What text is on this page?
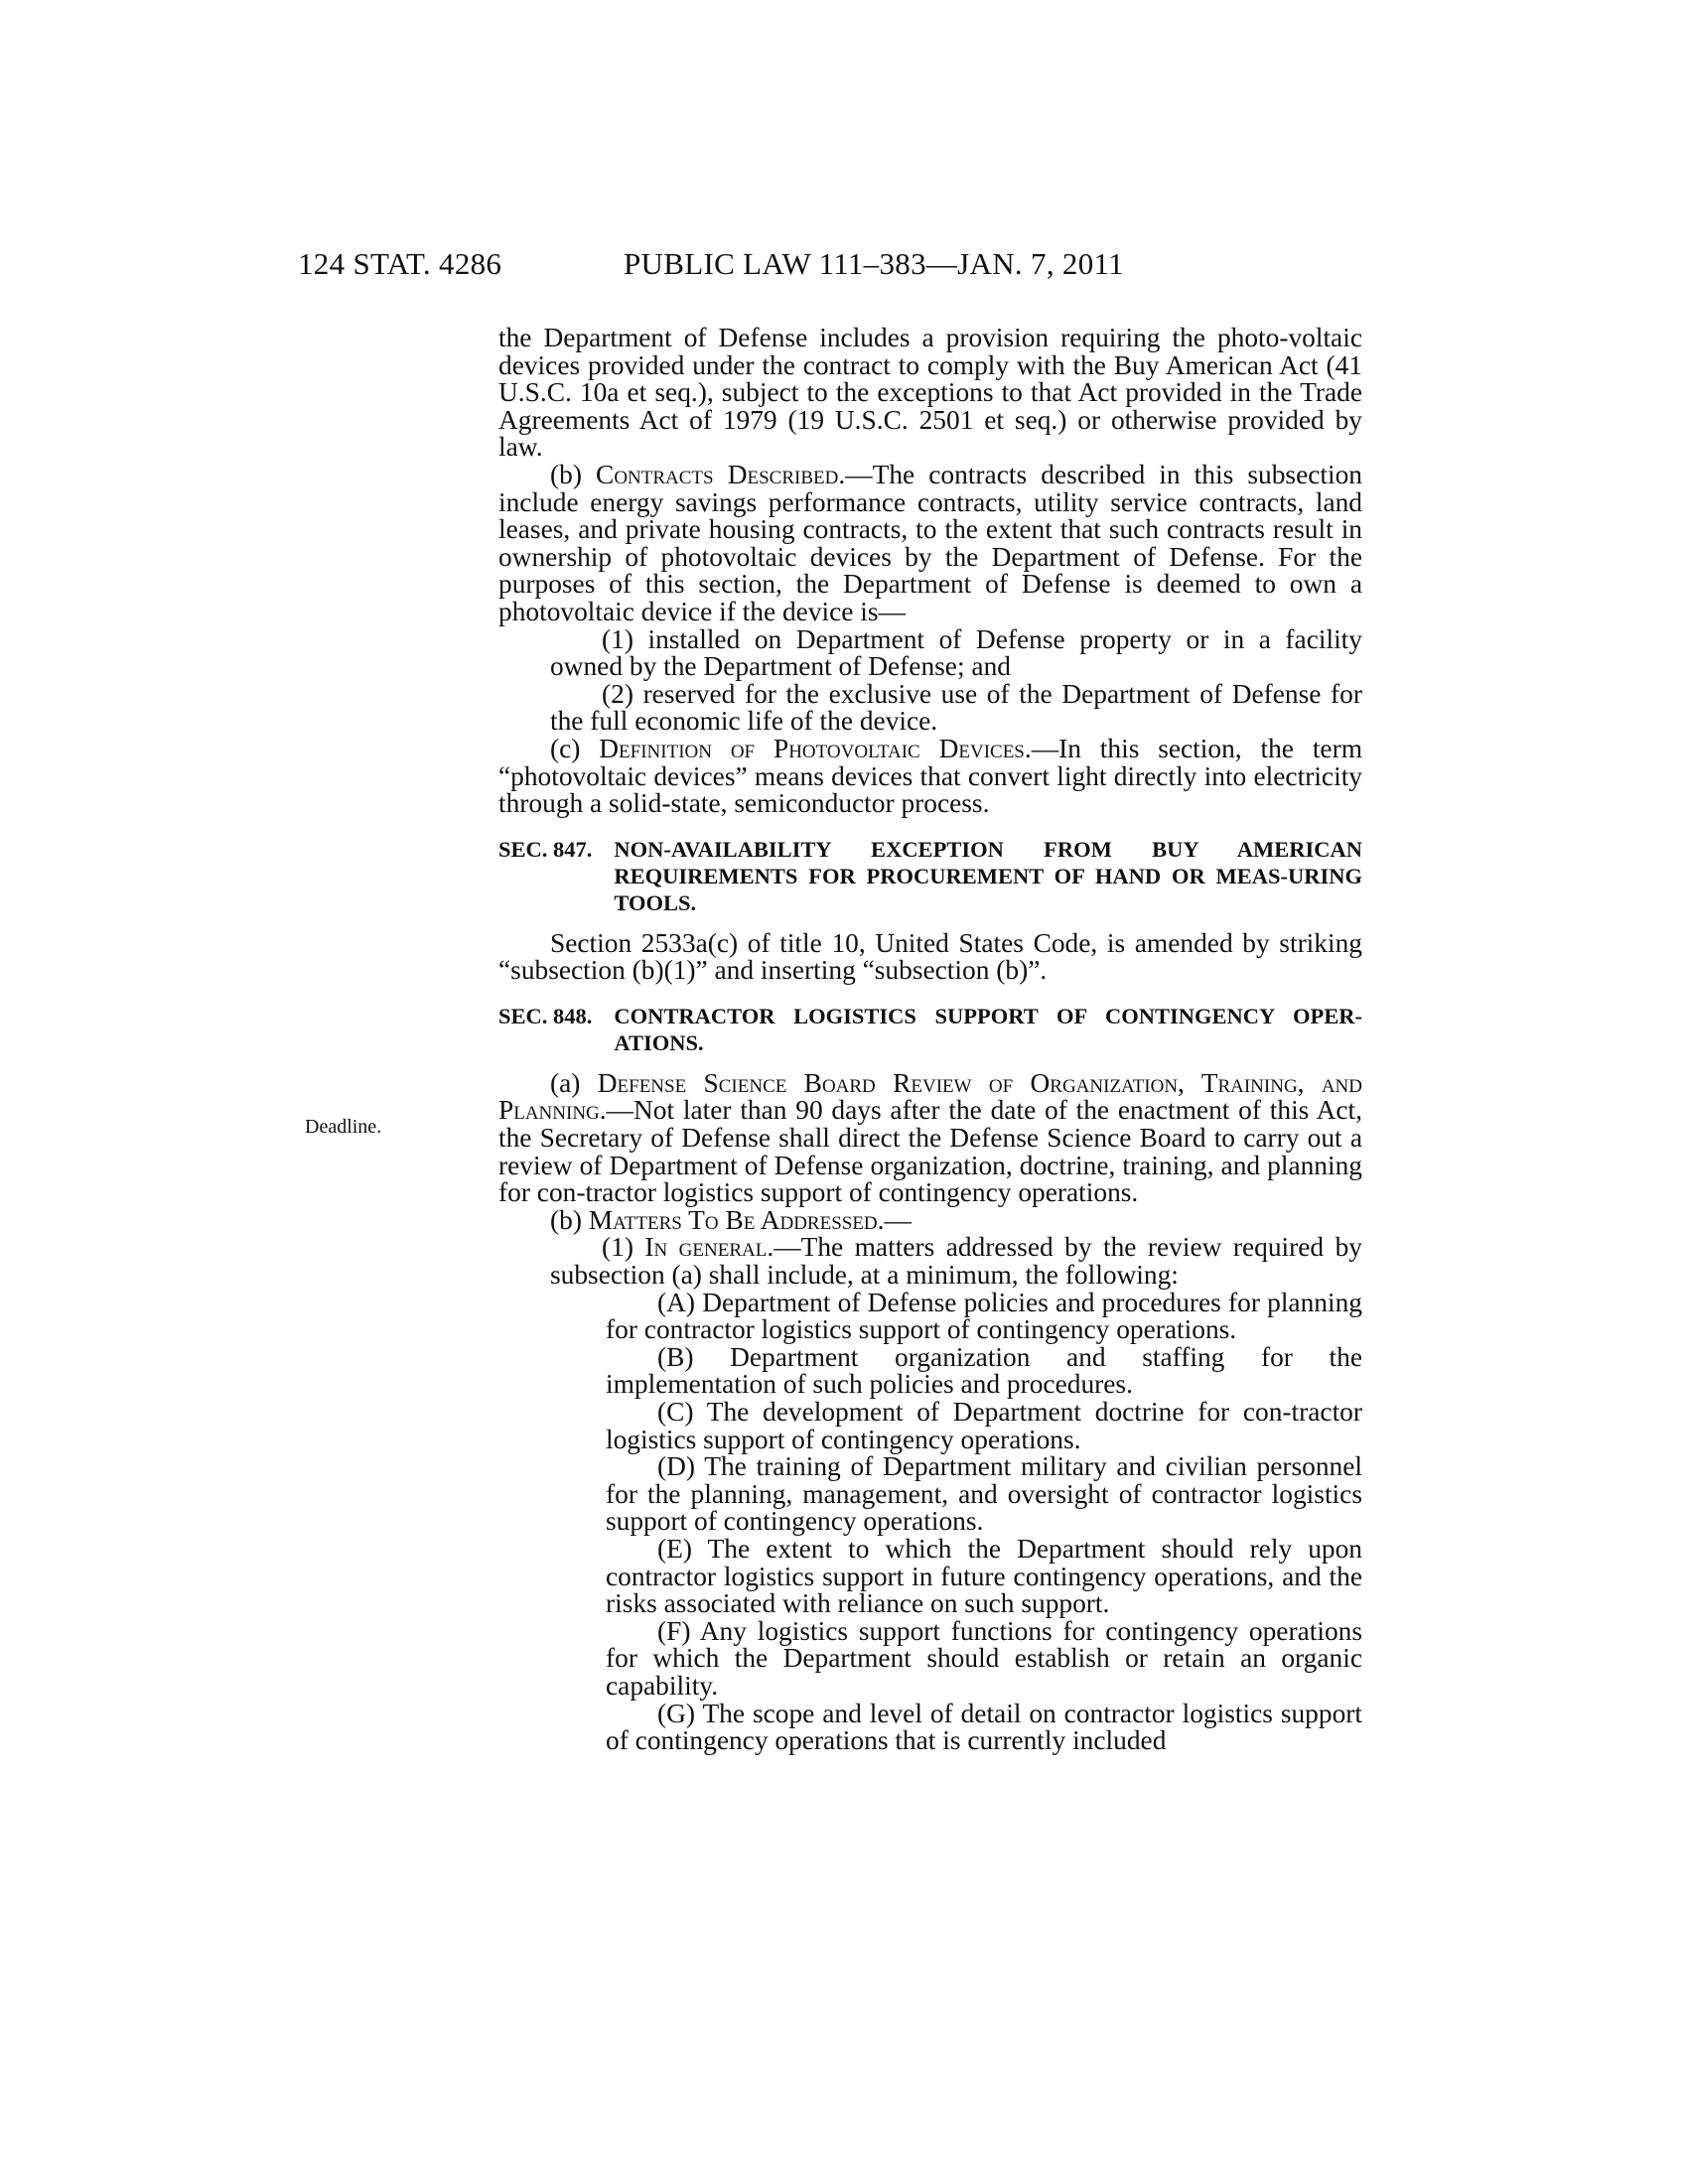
124 STAT. 4286	PUBLIC LAW 111–383—JAN. 7, 2011
Deadline.

the Department of Defense includes a provision requiring the photo-voltaic devices provided under the contract to comply with the Buy American Act (41 U.S.C. 10a et seq.), subject to the exceptions to that Act provided in the Trade Agreements Act of 1979 (19 U.S.C. 2501 et seq.) or otherwise provided by law.

(b) Contracts Described.—The contracts described in this subsection include energy savings performance contracts, utility service contracts, land leases, and private housing contracts, to the extent that such contracts result in ownership of photovoltaic devices by the Department of Defense. For the purposes of this section, the Department of Defense is deemed to own a photovoltaic device if the device is—

(1) installed on Department of Defense property or in a facility owned by the Department of Defense; and

(2) reserved for the exclusive use of the Department of Defense for the full economic life of the device.

(c) Definition of Photovoltaic Devices.—In this section, the term “photovoltaic devices” means devices that convert light directly into electricity through a solid-state, semiconductor process.

SEC. 847. NON-AVAILABILITY EXCEPTION FROM BUY AMERICAN REQUIREMENTS FOR PROCUREMENT OF HAND OR MEAS-URING TOOLS.

Section 2533a(c) of title 10, United States Code, is amended by striking “subsection (b)(1)” and inserting “subsection (b)”.

SEC. 848. CONTRACTOR LOGISTICS SUPPORT OF CONTINGENCY OPER-ATIONS.

(a) Defense Science Board Review of Organization, Training, and Planning.—Not later than 90 days after the date of the enactment of this Act, the Secretary of Defense shall direct the Defense Science Board to carry out a review of Department of Defense organization, doctrine, training, and planning for con-tractor logistics support of contingency operations.

(b) Matters To Be Addressed.—

(1) In general.—The matters addressed by the review required by subsection (a) shall include, at a minimum, the following:

(A) Department of Defense policies and procedures for planning for contractor logistics support of contingency operations.

(B) Department organization and staffing for the implementation of such policies and procedures.

(C) The development of Department doctrine for con-tractor logistics support of contingency operations.

(D) The training of Department military and civilian personnel for the planning, management, and oversight of contractor logistics support of contingency operations.

(E) The extent to which the Department should rely upon contractor logistics support in future contingency operations, and the risks associated with reliance on such support.

(F) Any logistics support functions for contingency operations for which the Department should establish or retain an organic capability.

(G) The scope and level of detail on contractor logistics support of contingency operations that is currently included
